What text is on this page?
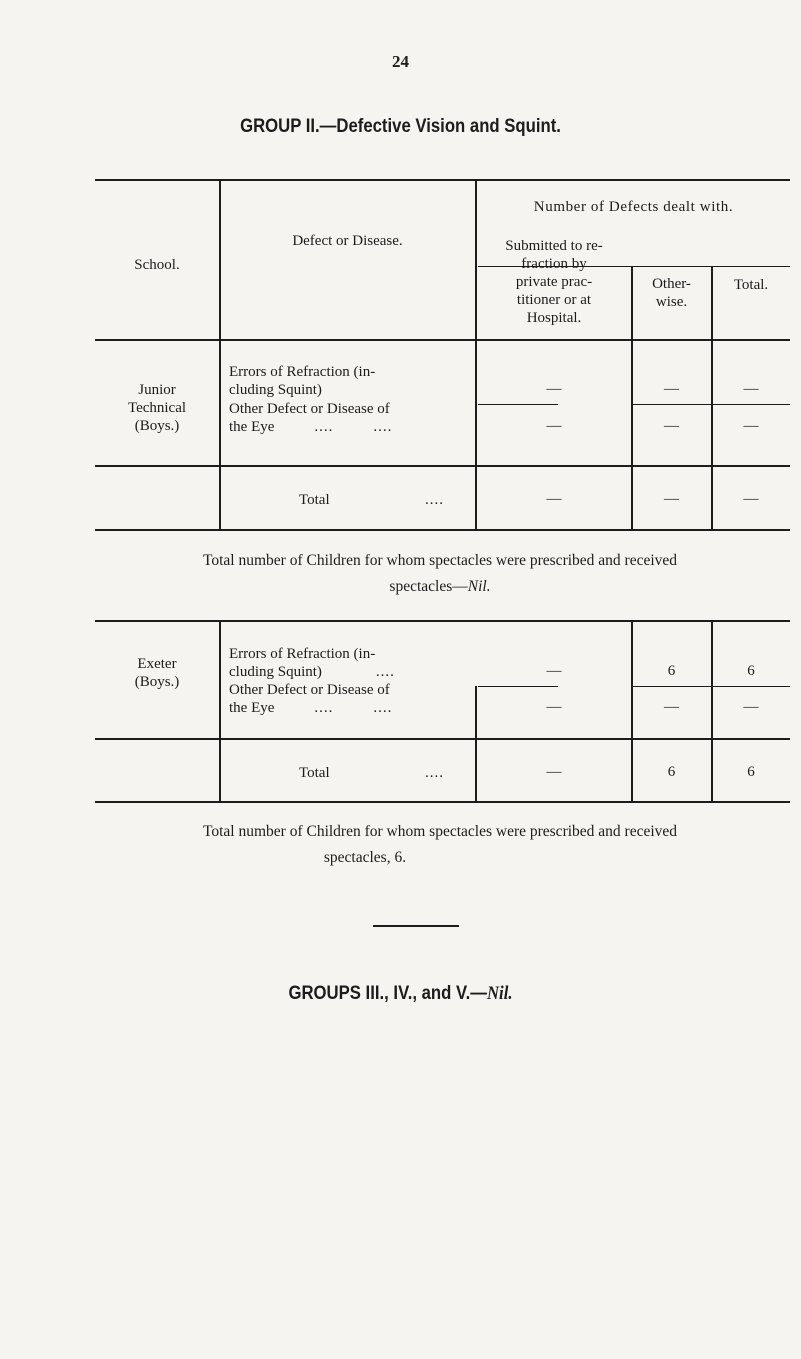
24
GROUP II.—Defective Vision and Squint.
School.
Defect or Disease.
Number of Defects dealt with.
Submitted to re-
fraction by
private prac-
titioner or at
Hospital.
Other-
wise.
Total.
Junior
Technical
(Boys.)
Errors of Refraction (in-
cluding Squint)	—	—	—
Other Defect or Disease of
the Eye	....	....	—	—	—
Total	....	—	—	—
Total number of Children for whom spectacles were prescribed and received
spectacles—Nil.
Exeter
(Boys.)
Errors of Refraction (in-
cluding Squint)	....	—	6	6
Other Defect or Disease of
the Eye	....	....	—	—	—
Total	....	—	6	6
Total number of Children for whom spectacles were prescribed and received
spectacles, 6.
GROUPS III., IV., and V.—Nil.
